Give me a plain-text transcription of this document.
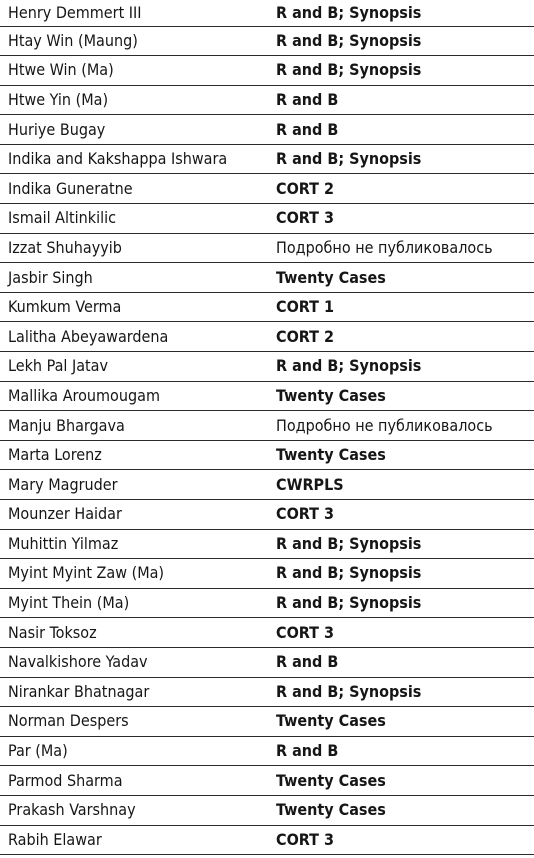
Henry Demmert III	R and B; Synopsis
Htay Win (Maung)	R and B; Synopsis
Htwe Win (Ma)	R and B; Synopsis
Htwe Yin (Ma)	R and B
Huriye Bugay	R and B
Indika and Kakshappa Ishwara	R and B; Synopsis
Indika Guneratne	CORT 2
Ismail Altinkilic	CORT 3
Izzat Shuhayyib	Подробно не публиковалось
Jasbir Singh	Twenty Cases
Kumkum Verma	CORT 1
Lalitha Abeyawardena	CORT 2
Lekh Pal Jatav	R and B; Synopsis
Mallika Aroumougam	Twenty Cases
Manju Bhargava	Подробно не публиковалось
Marta Lorenz	Twenty Cases
Mary Magruder	CWRPLS
Mounzer Haidar	CORT 3
Muhittin Yilmaz	R and B; Synopsis
Myint Myint Zaw (Ma)	R and B; Synopsis
Myint Thein (Ma)	R and B; Synopsis
Nasir Toksoz	CORT 3
Navalkishore Yadav	R and B
Nirankar Bhatnagar	R and B; Synopsis
Norman Despers	Twenty Cases
Par (Ma)	R and B
Parmod Sharma	Twenty Cases
Prakash Varshnay	Twenty Cases
Rabih Elawar	CORT 3
